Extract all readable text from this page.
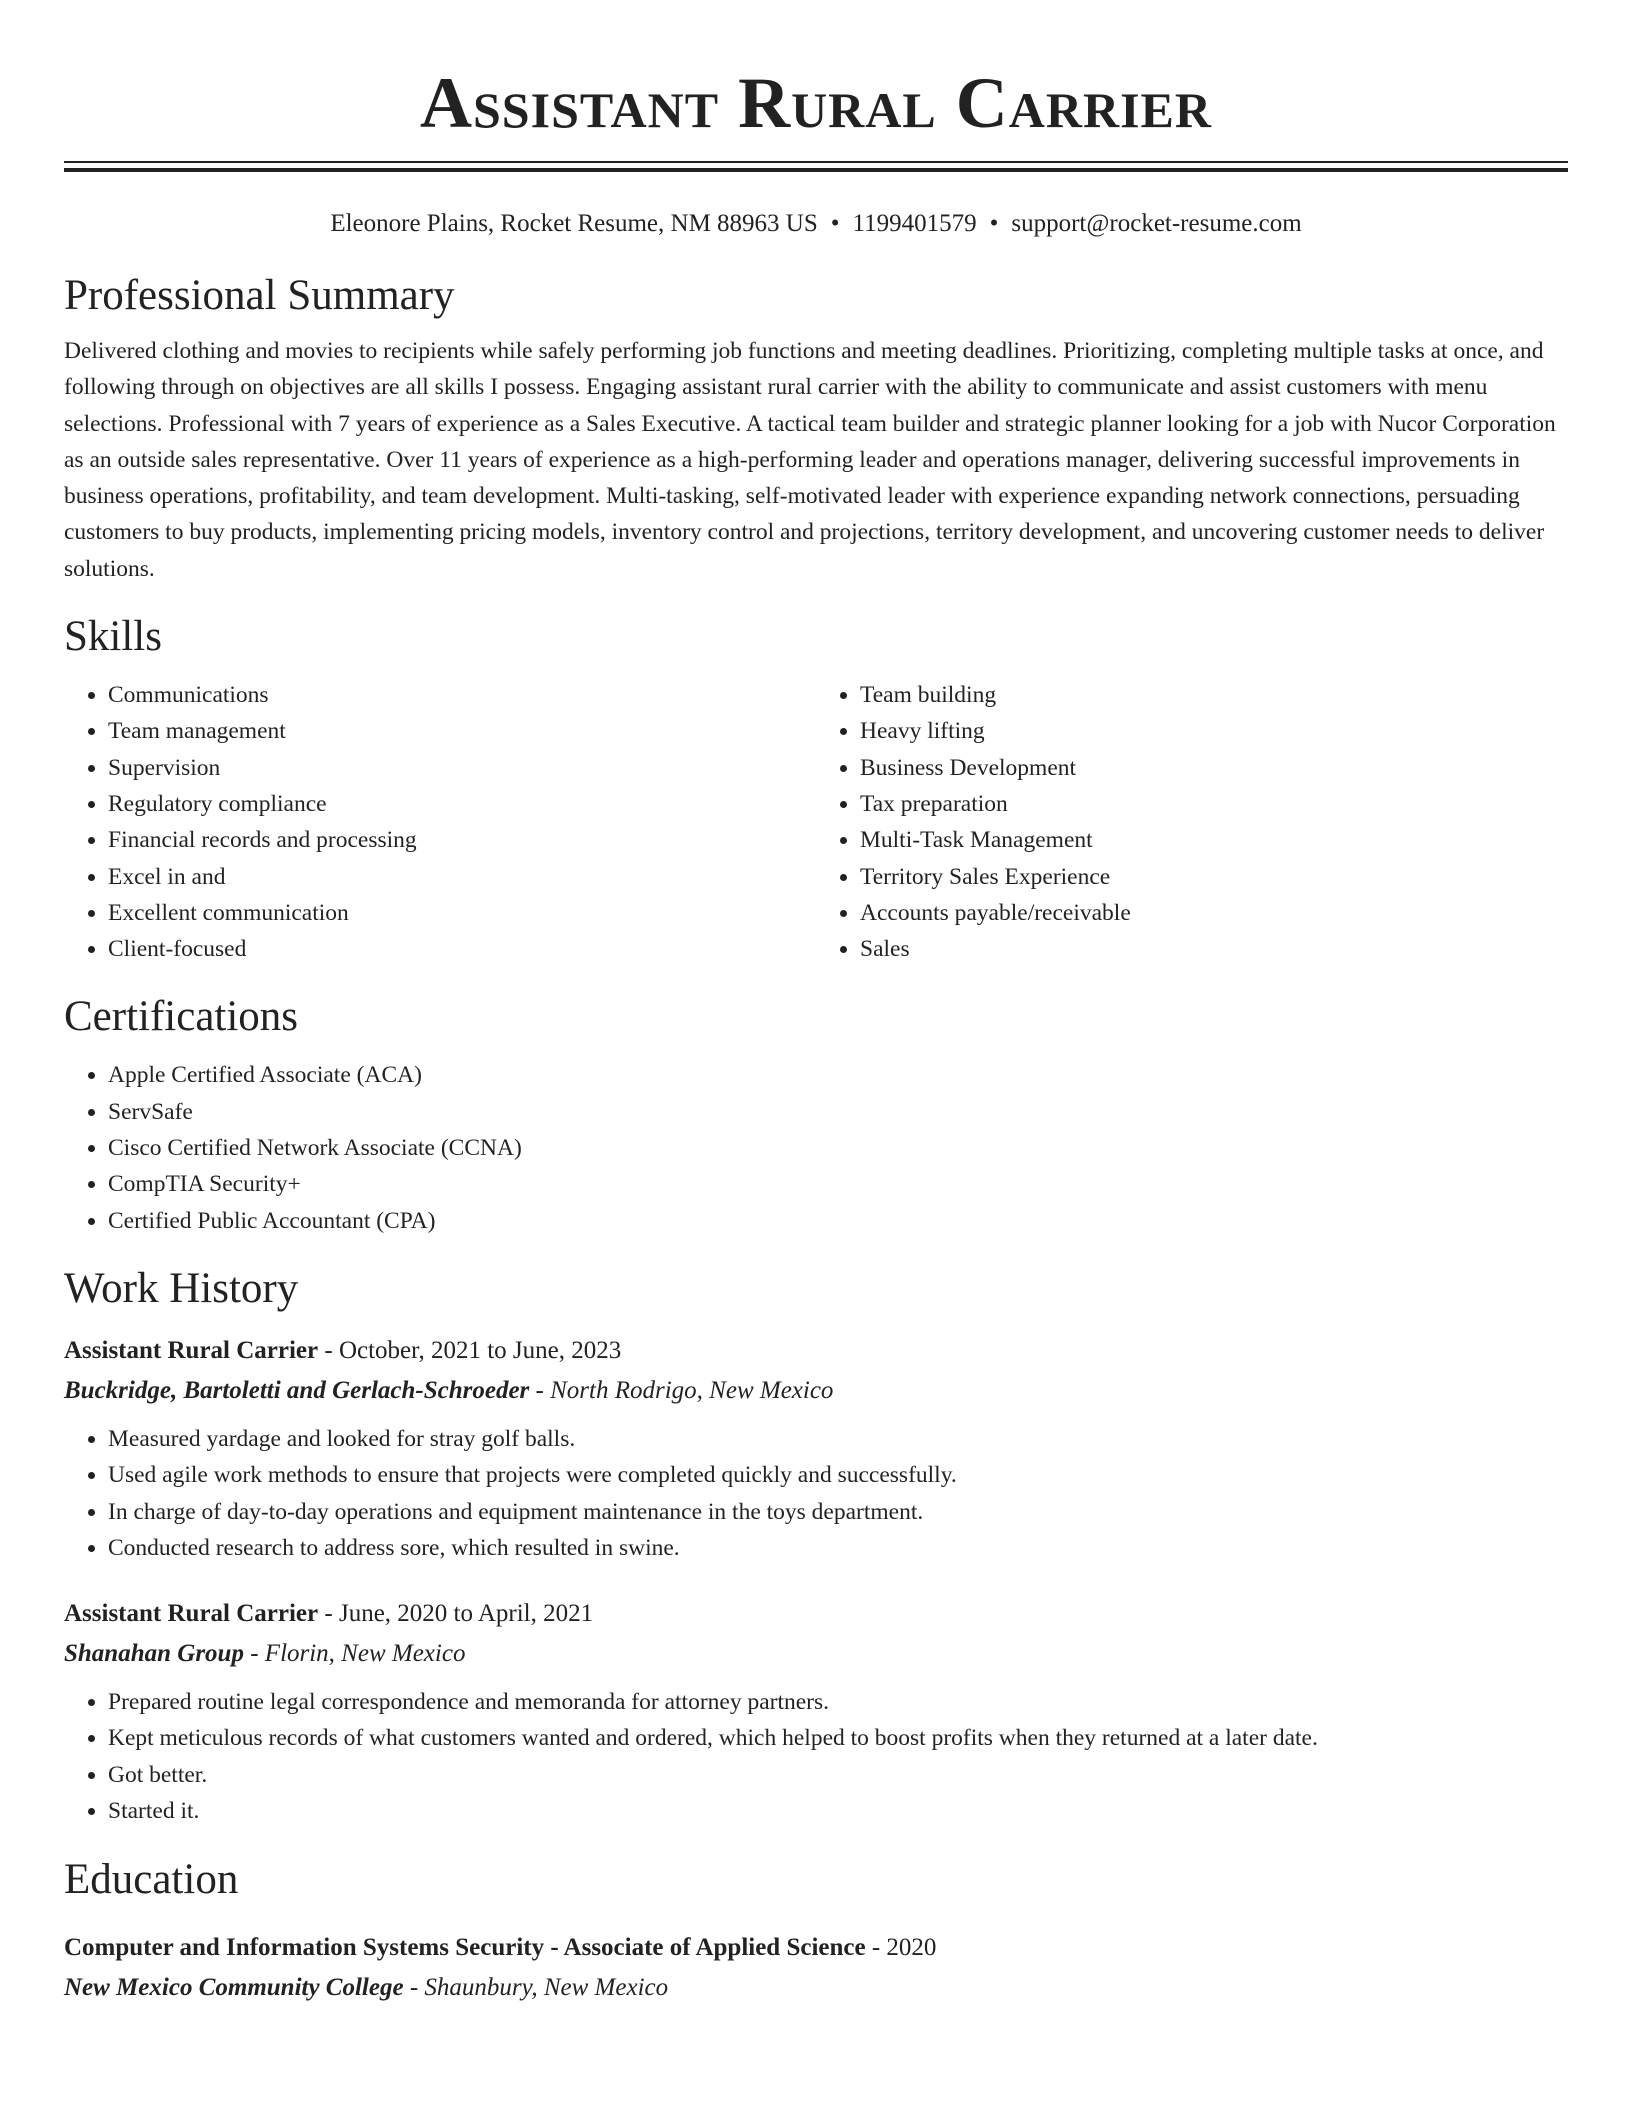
Assistant Rural Carrier
Eleonore Plains, Rocket Resume, NM 88963 US • 1199401579 • support@rocket-resume.com
Professional Summary

Delivered clothing and movies to recipients while safely performing job functions and meeting deadlines. Prioritizing, completing multiple tasks at once, and following through on objectives are all skills I possess. Engaging assistant rural carrier with the ability to communicate and assist customers with menu selections. Professional with 7 years of experience as a Sales Executive. A tactical team builder and strategic planner looking for a job with Nucor Corporation as an outside sales representative. Over 11 years of experience as a high-performing leader and operations manager, delivering successful improvements in business operations, profitability, and team development. Multi-tasking, self-motivated leader with experience expanding network connections, persuading customers to buy products, implementing pricing models, inventory control and projections, territory development, and uncovering customer needs to deliver solutions.

Skills
• Communications
• Team management
• Supervision
• Regulatory compliance
• Financial records and processing
• Excel in and
• Excellent communication
• Client-focused
• Team building
• Heavy lifting
• Business Development
• Tax preparation
• Multi-Task Management
• Territory Sales Experience
• Accounts payable/receivable
• Sales
Certifications
• Apple Certified Associate (ACA)
• ServSafe
• Cisco Certified Network Associate (CCNA)
• CompTIA Security+
• Certified Public Accountant (CPA)
Work History
Assistant Rural Carrier - October, 2021 to June, 2023
Buckridge, Bartoletti and Gerlach-Schroeder - North Rodrigo, New Mexico
• Measured yardage and looked for stray golf balls.
• Used agile work methods to ensure that projects were completed quickly and successfully.
• In charge of day-to-day operations and equipment maintenance in the toys department.
• Conducted research to address sore, which resulted in swine.
Assistant Rural Carrier - June, 2020 to April, 2021
Shanahan Group - Florin, New Mexico
• Prepared routine legal correspondence and memoranda for attorney partners.
• Kept meticulous records of what customers wanted and ordered, which helped to boost profits when they returned at a later date.
• Got better.
• Started it.
Education
Computer and Information Systems Security - Associate of Applied Science - 2020
New Mexico Community College - Shaunbury, New Mexico
